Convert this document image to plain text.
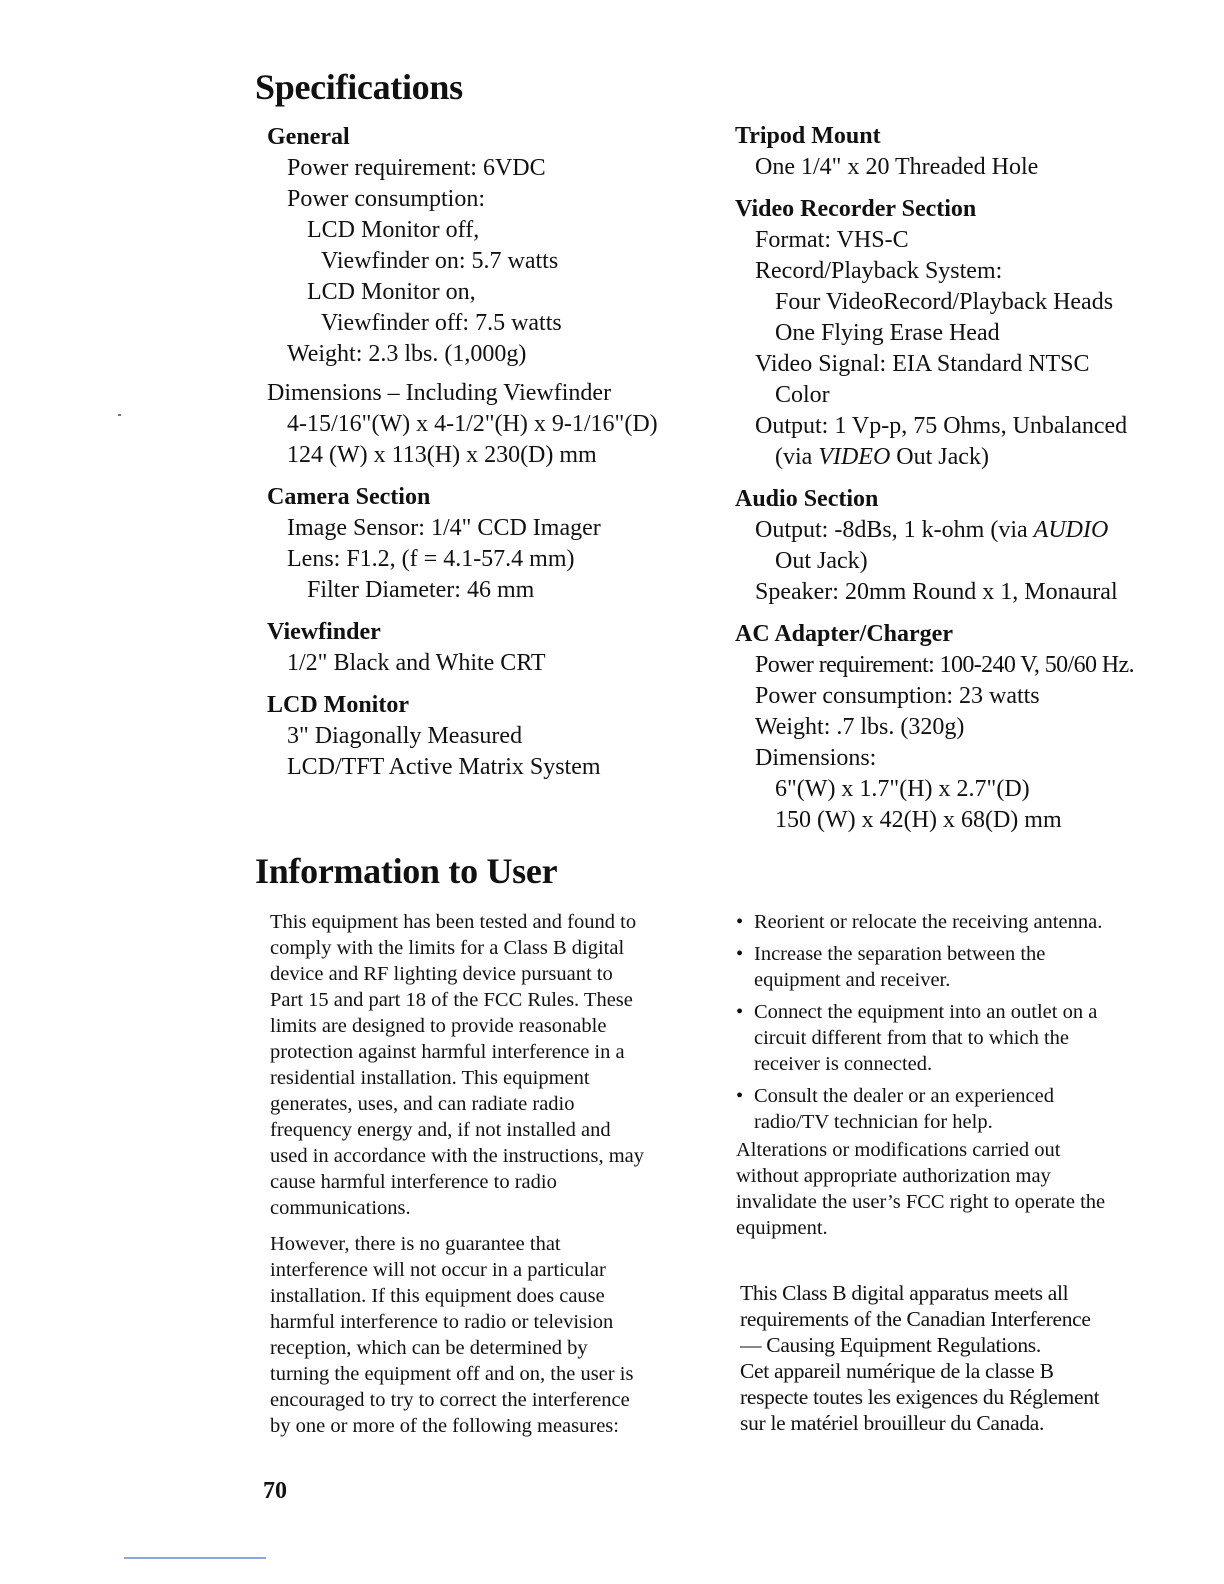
Specifications
Information to User
General
Power requirement: 6VDC
Power consumption:
LCD Monitor off,
Viewfinder on: 5.7 watts
LCD Monitor on,
Viewfinder off: 7.5 watts
Weight: 2.3 lbs. (1,000g)
Dimensions – Including Viewfinder
4-15/16"(W) x 4-1/2"(H) x 9-1/16"(D)
124 (W) x 113(H) x 230(D) mm
Camera Section
Image Sensor: 1/4" CCD Imager
Lens: F1.2, (f = 4.1-57.4 mm)
Filter Diameter: 46 mm
Viewfinder
1/2" Black and White CRT
LCD Monitor
3" Diagonally Measured
LCD/TFT Active Matrix System
Tripod Mount
One 1/4" x 20 Threaded Hole
Video Recorder Section
Format: VHS-C
Record/Playback System:
Four VideoRecord/Playback Heads
One Flying Erase Head
Video Signal: EIA Standard NTSC
Color
Output: 1 Vp-p, 75 Ohms, Unbalanced
(via VIDEO Out Jack)
Audio Section
Output: -8dBs, 1 k-ohm (via AUDIO
Out Jack)
Speaker: 20mm Round x 1, Monaural
AC Adapter/Charger
Power requirement: 100-240 V, 50/60 Hz.
Power consumption: 23 watts
Weight: .7 lbs. (320g)
Dimensions:
6"(W) x 1.7"(H) x 2.7"(D)
150 (W) x 42(H) x 68(D) mm

This equipment has been tested and found to
comply with the limits for a Class B digital
device and RF lighting device pursuant to
Part 15 and part 18 of the FCC Rules. These
limits are designed to provide reasonable
protection against harmful interference in a
residential installation. This equipment
generates, uses, and can radiate radio
frequency energy and, if not installed and
used in accordance with the instructions, may
cause harmful interference to radio
communications.

However, there is no guarantee that
interference will not occur in a particular
installation. If this equipment does cause
harmful interference to radio or television
reception, which can be determined by
turning the equipment off and on, the user is
encouraged to try to correct the interference
by one or more of the following measures:

• Reorient or relocate the receiving antenna.
• Increase the separation between the
equipment and receiver.
• Connect the equipment into an outlet on a
circuit different from that to which the
receiver is connected.
• Consult the dealer or an experienced
radio/TV technician for help.

Alterations or modifications carried out
without appropriate authorization may
invalidate the user’s FCC right to operate the
equipment.

This Class B digital apparatus meets all
requirements of the Canadian Interference
— Causing Equipment Regulations.

Cet appareil numérique de la classe B
respecte toutes les exigences du Réglement
sur le matériel brouilleur du Canada.

70
